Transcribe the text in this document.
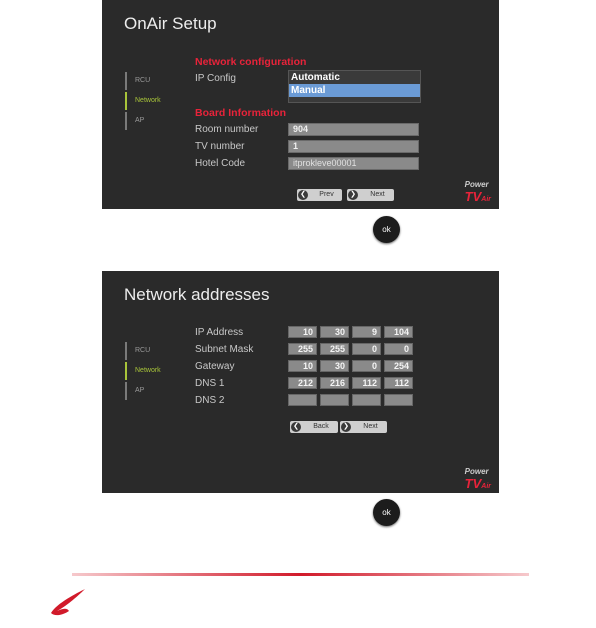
OnAir Setup
RCU
Network
AP
Network configuration
IP Config	Automatic
Manual
Board Information
Room number	904
TV number	1
Hotel Code	itprokleve00001
❮	Prev	❯	Next
Power
TVAir
ok
Network addresses
RCU
Network
AP
IP Address	10	30	9	104
Subnet Mask	255	255	0	0
Gateway	10	30	0	254
DNS 1	212	216	112	112
DNS 2
❮	Back	❯	Next
Power
TVAir
ok
